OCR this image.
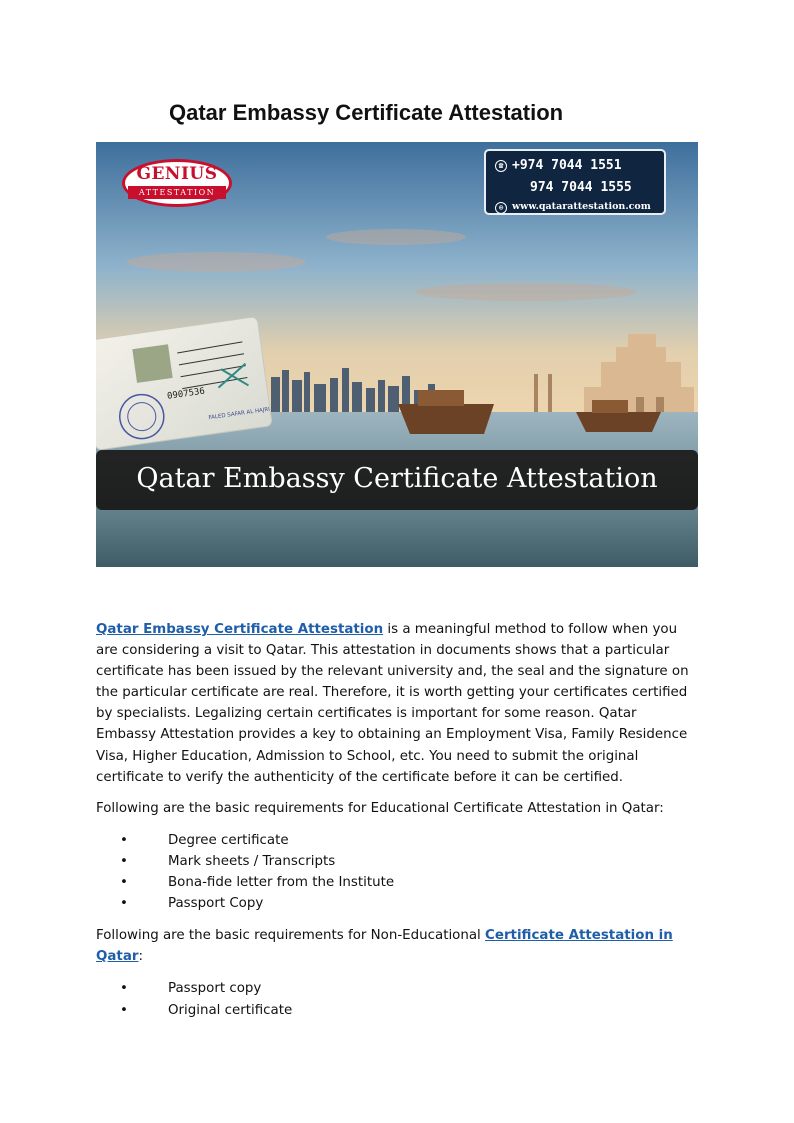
Qatar Embassy Certificate Attestation
0907536
FALED SAFAR AL HAJRI
GENIUS
ATTESTATION
☎ +974 7044 1551
974 7044 1555
⊕ www.qatarattestation.com
Qatar Embassy Certificate Attestation

Qatar Embassy Certificate Attestation is a meaningful method to follow when you are considering a visit to Qatar. This attestation in documents shows that a particular certificate has been issued by the relevant university and, the seal and the signature on the particular certificate are real. Therefore, it is worth getting your certificates certified by specialists. Legalizing certain certificates is important for some reason. Qatar Embassy Attestation provides a key to obtaining an Employment Visa, Family Residence Visa, Higher Education, Admission to School, etc. You need to submit the original certificate to verify the authenticity of the certificate before it can be certified.

Following are the basic requirements for Educational Certificate Attestation in Qatar:

• Degree certificate
• Mark sheets / Transcripts
• Bona-fide letter from the Institute
• Passport Copy

Following are the basic requirements for Non-Educational Certificate Attestation in Qatar:

• Passport copy
• Original certificate
